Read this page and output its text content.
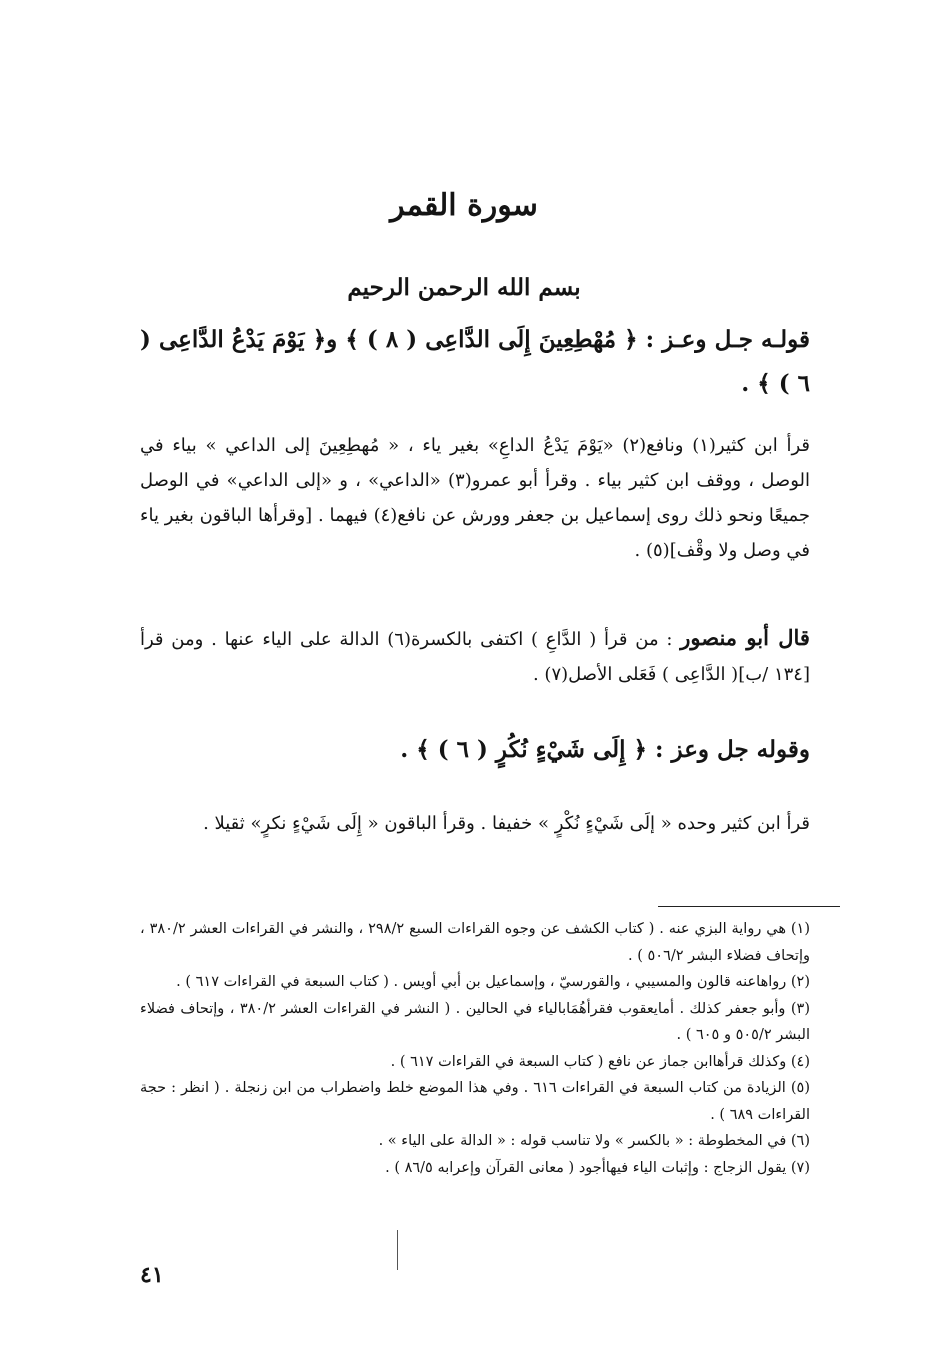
سورة القمر
بسم الله الرحمن الرحيم
قولـه جـل وعـز : ﴿ مُهْطِعِينَ إِلَى الدَّاعِى ( ٨ ) ﴾ و﴿ يَوْمَ يَدْعُ الدَّاعِى ( ٦ ) ﴾ .
قرأ ابن كثير(١) ونافع(٢) «يَوْمَ يَدْعُ الداعِ» بغير ياء ، « مُهطِعِينَ إلى الداعي » بياء في الوصل ، ووقف ابن كثير بياء . وقرأ أبو عمرو(٣) «الداعي» ، و «إلى الداعي» في الوصل جميعًا ونحو ذلك روى إسماعيل بن جعفر وورش عن نافع(٤) فيهما . [وقرأها الباقون بغير ياء في وصل ولا وقْف](٥) .
قال أبو منصور : من قرأ ( الدَّاعِ ) اكتفى بالكسرة(٦) الدالة على الياء عنها . ومن قرأ [١٣٤ /ب]( الدَّاعِى ) فَعَلى الأصل(٧) .
وقوله جل وعز : ﴿ إِلَى شَيْءٍ نُكُرٍ ( ٦ ) ﴾ .
قرأ ابن كثير وحده « إلَى شَيْءٍ نُكْرٍ » خفيفا . وقرأ الباقون « إِلَى شَيْءٍ نكرٍ» ثقيلا .

(١) هي رواية البزي عنه . ( كتاب الكشف عن وجوه القراءات السبع ٢٩٨/٢ ، والنشر في القراءات العشر ٣٨٠/٢ ، وإتحاف فضلاء البشر ٥٠٦/٢ ) .

(٢) رواهاعنه قالون والمسيبي ، والقورسيّ ، وإسماعيل بن أبي أويس . ( كتاب السبعة في القراءات ٦١٧ ) .

(٣) وأبو جعفر كذلك . أمايعقوب فقرأهُمَابالياء في الحالين . ( النشر في القراءات العشر ٣٨٠/٢ ، وإتحاف فضلاء البشر ٥٠٥/٢ و ٦٠٥ ) .

(٤) وكذلك قرأهاابن جماز عن نافع ( كتاب السبعة في القراءات ٦١٧ ) .

(٥) الزيادة من كتاب السبعة في القراءات ٦١٦ . وفي هذا الموضع خلط واضطراب من ابن زنجلة . ( انظر : حجة القراءات ٦٨٩ ) .

(٦) في المخطوطة : « بالكسر » ولا تناسب قوله : « الدالة على الياء » .

(٧) يقول الزجاج : وإثبات الياء فيهاأجود ( معانى القرآن وإعرابه ٨٦/٥ ) .

٤١
